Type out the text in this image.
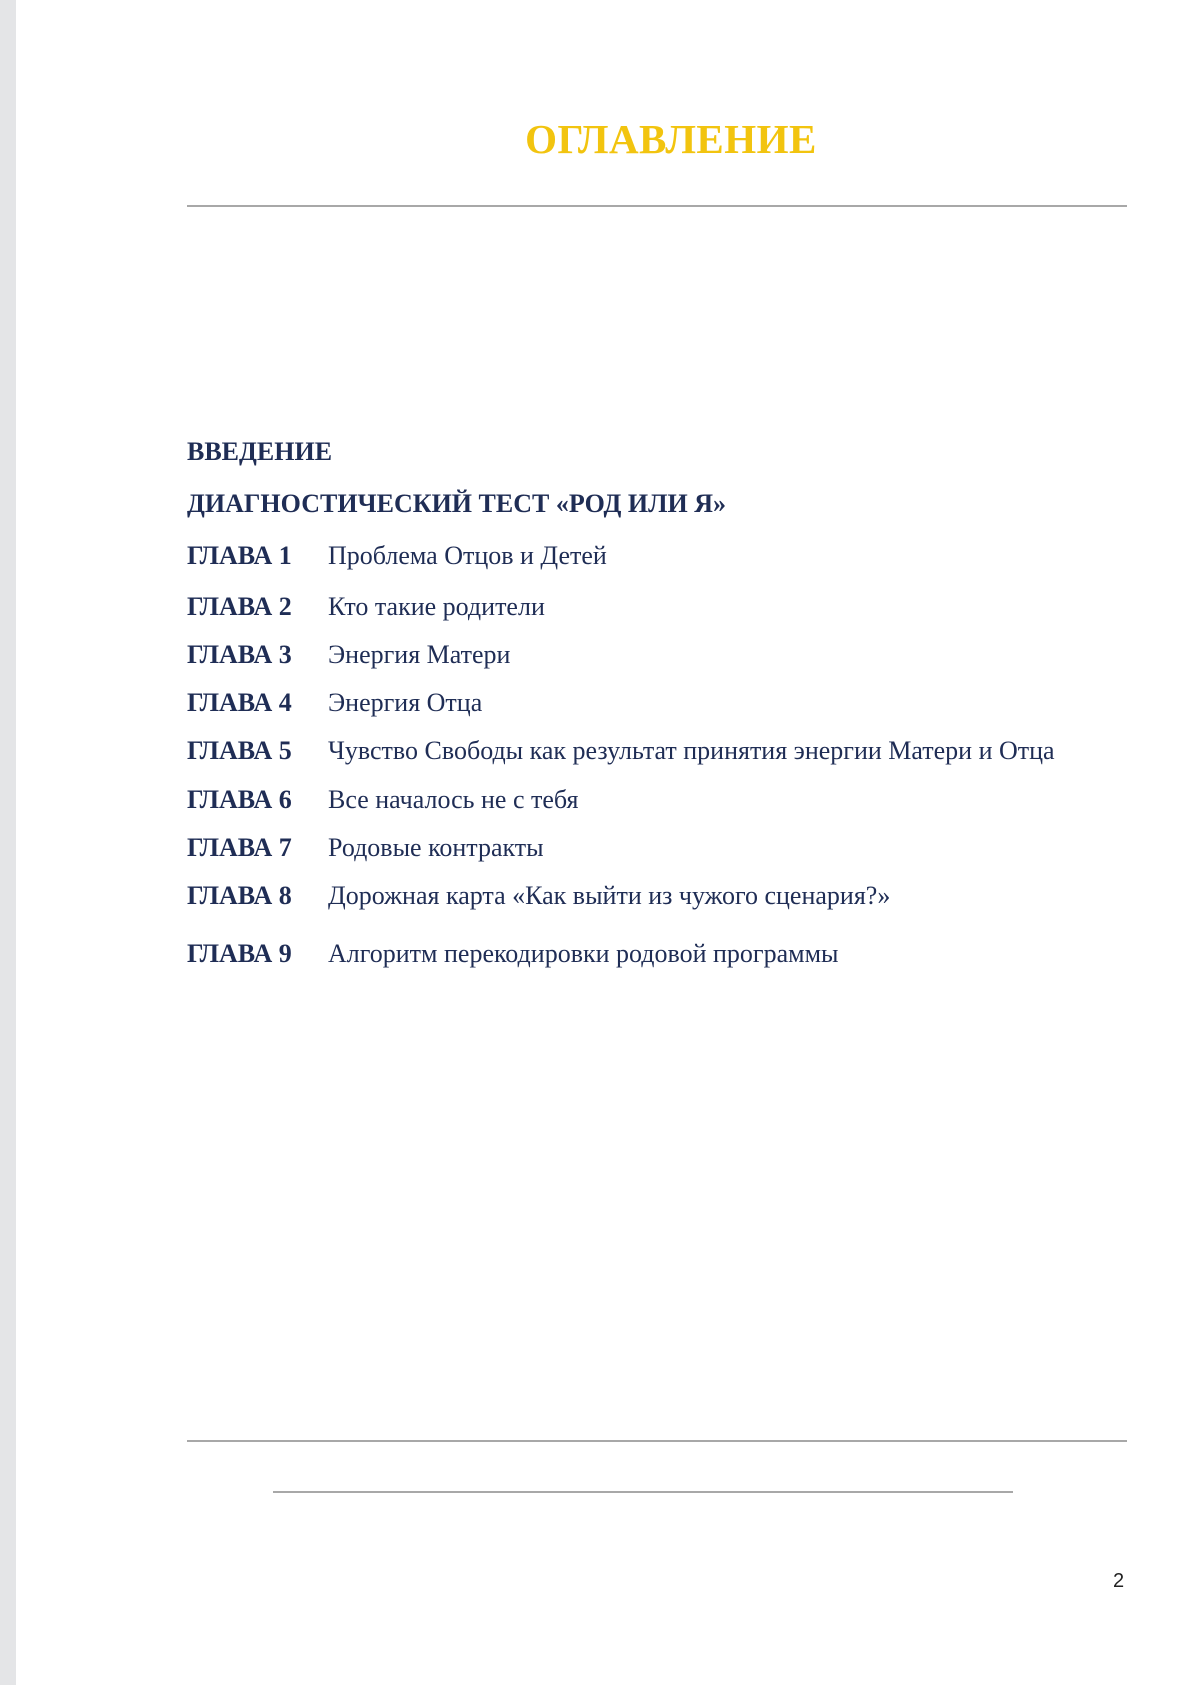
ОГЛАВЛЕНИЕ
ВВЕДЕНИЕ
ДИАГНОСТИЧЕСКИЙ ТЕСТ «РОД ИЛИ Я»
ГЛАВА 1 Проблема Отцов и Детей
ГЛАВА 2 Кто такие родители
ГЛАВА 3 Энергия Матери
ГЛАВА 4 Энергия Отца
ГЛАВА 5 Чувство Свободы как результат принятия энергии Матери и Отца
ГЛАВА 6 Все началось не с тебя
ГЛАВА 7 Родовые контракты
ГЛАВА 8 Дорожная карта «Как выйти из чужого сценария?»
ГЛАВА 9 Алгоритм перекодировки родовой программы
2
